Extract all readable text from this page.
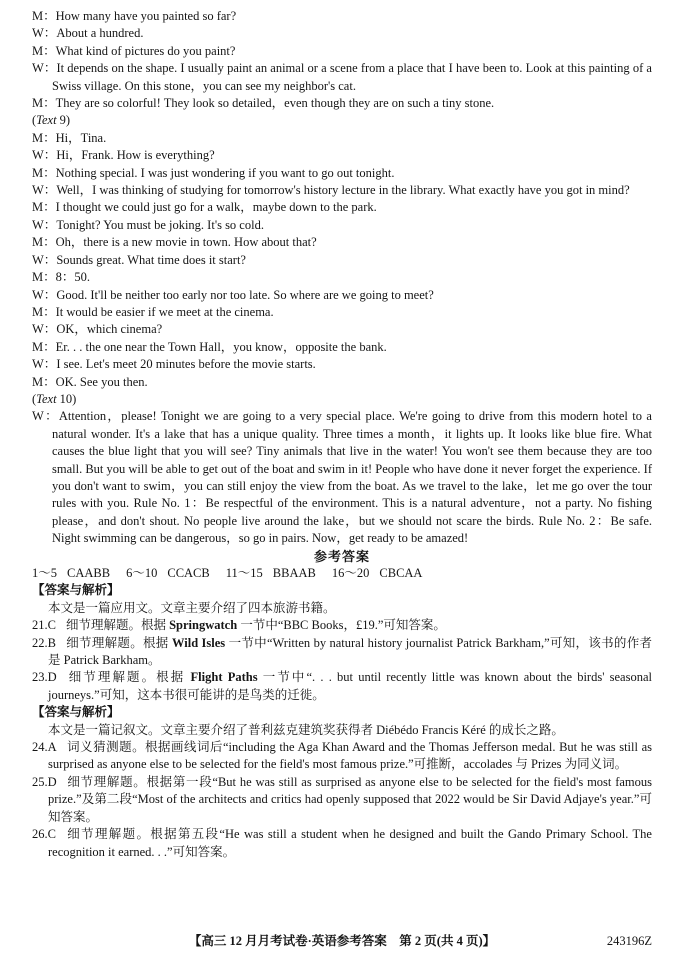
M：How many have you painted so far?

W：About a hundred.

M：What kind of pictures do you paint?

W：It depends on the shape. I usually paint an animal or a scene from a place that I have been to. Look at this painting of a Swiss village. On this stone，you can see my neighbor's cat.

M：They are so colorful! They look so detailed，even though they are on such a tiny stone.

(Text 9)

M：Hi，Tina.

W：Hi，Frank. How is everything?

M：Nothing special. I was just wondering if you want to go out tonight.

W：Well，I was thinking of studying for tomorrow's history lecture in the library. What exactly have you got in mind?

M：I thought we could just go for a walk，maybe down to the park.

W：Tonight? You must be joking. It's so cold.

M：Oh，there is a new movie in town. How about that?

W：Sounds great. What time does it start?

M：8：50.

W：Good. It'll be neither too early nor too late. So where are we going to meet?

M：It would be easier if we meet at the cinema.

W：OK，which cinema?

M：Er. . . the one near the Town Hall，you know，opposite the bank.

W：I see. Let's meet 20 minutes before the movie starts.

M：OK. See you then.

(Text 10)

W：Attention，please! Tonight we are going to a very special place. We're going to drive from this modern hotel to a natural wonder. It's a lake that has a unique quality. Three times a month，it lights up. It looks like blue fire. What causes the blue light that you will see? Tiny animals that live in the water! You won't see them because they are too small. But you will be able to get out of the boat and swim in it! People who have done it never forget the experience. If you don't want to swim，you can still enjoy the view from the boat. As we travel to the lake，let me go over the tour rules with you. Rule No. 1：Be respectful of the environment. This is a natural adventure，not a party. No fishing please，and don't shout. No people live around the lake，but we should not scare the birds. Rule No. 2：Be safe. Night swimming can be dangerous，so go in pairs. Now，get ready to be amazed!

参考答案

1～5 CAABB 6～10 CCACB 11～15 BBAAB 16～20 CBCAA

【答案与解析】

本文是一篇应用文。文章主要介绍了四本旅游书籍。

21.C 细节理解题。根据 Springwatch 一节中“BBC Books，£19.”可知答案。

22.B 细节理解题。根据 Wild Isles 一节中“Written by natural history journalist Patrick Barkham,”可知，该书的作者是 Patrick Barkham。

23.D 细节理解题。根据 Flight Paths 一节中“. . . but until recently little was known about the birds' seasonal journeys.”可知，这本书很可能讲的是鸟类的迁徙。

【答案与解析】

本文是一篇记叙文。文章主要介绍了普利兹克建筑奖获得者 Diébédo Francis Kéré 的成长之路。

24.A 词义猜测题。根据画线词后“including the Aga Khan Award and the Thomas Jefferson medal. But he was still as surprised as anyone else to be selected for the field's most famous prize.”可推断，accolades 与 Prizes 为同义词。

25.D 细节理解题。根据第一段“But he was still as surprised as anyone else to be selected for the field's most famous prize.”及第二段“Most of the architects and critics had openly supposed that 2022 would be Sir David Adjaye's year.”可知答案。

26.C 细节理解题。根据第五段“He was still a student when he designed and built the Gando Primary School. The recognition it earned. . .”可知答案。

【高三 12 月月考试卷·英语参考答案　第 2 页(共 4 页)】	243196Z
